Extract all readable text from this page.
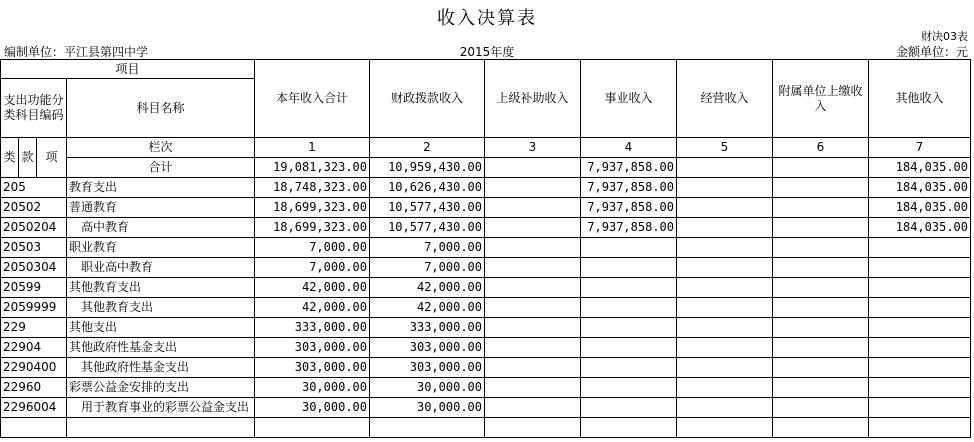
收入决算表
财决03表
编制单位：平江县第四中学	2015年度	金额单位：元
项目				本年收入合计	财政拨款收入	上级补助收入	事业收入	经营收入	附属单位上缴收入	其他收入
支出功能分类科目编码			科目名称							

类	款	项	栏次	1	2	3	4	5	6	7
			合计	19,081,323.00	10,959,430.00		7,937,858.00			184,035.00
205			教育支出	18,748,323.00	10,626,430.00		7,937,858.00			184,035.00
20502			普通教育	18,699,323.00	10,577,430.00		7,937,858.00			184,035.00
2050204			高中教育	18,699,323.00	10,577,430.00		7,937,858.00			184,035.00
20503			职业教育	7,000.00	7,000.00					
2050304			职业高中教育	7,000.00	7,000.00					
20599			其他教育支出	42,000.00	42,000.00					
2059999			其他教育支出	42,000.00	42,000.00					
229			其他支出	333,000.00	333,000.00					
22904			其他政府性基金支出	303,000.00	303,000.00					
2290400			其他政府性基金支出	303,000.00	303,000.00					
22960			彩票公益金安排的支出	30,000.00	30,000.00					
2296004			用于教育事业的彩票公益金支出	30,000.00	30,000.00					
